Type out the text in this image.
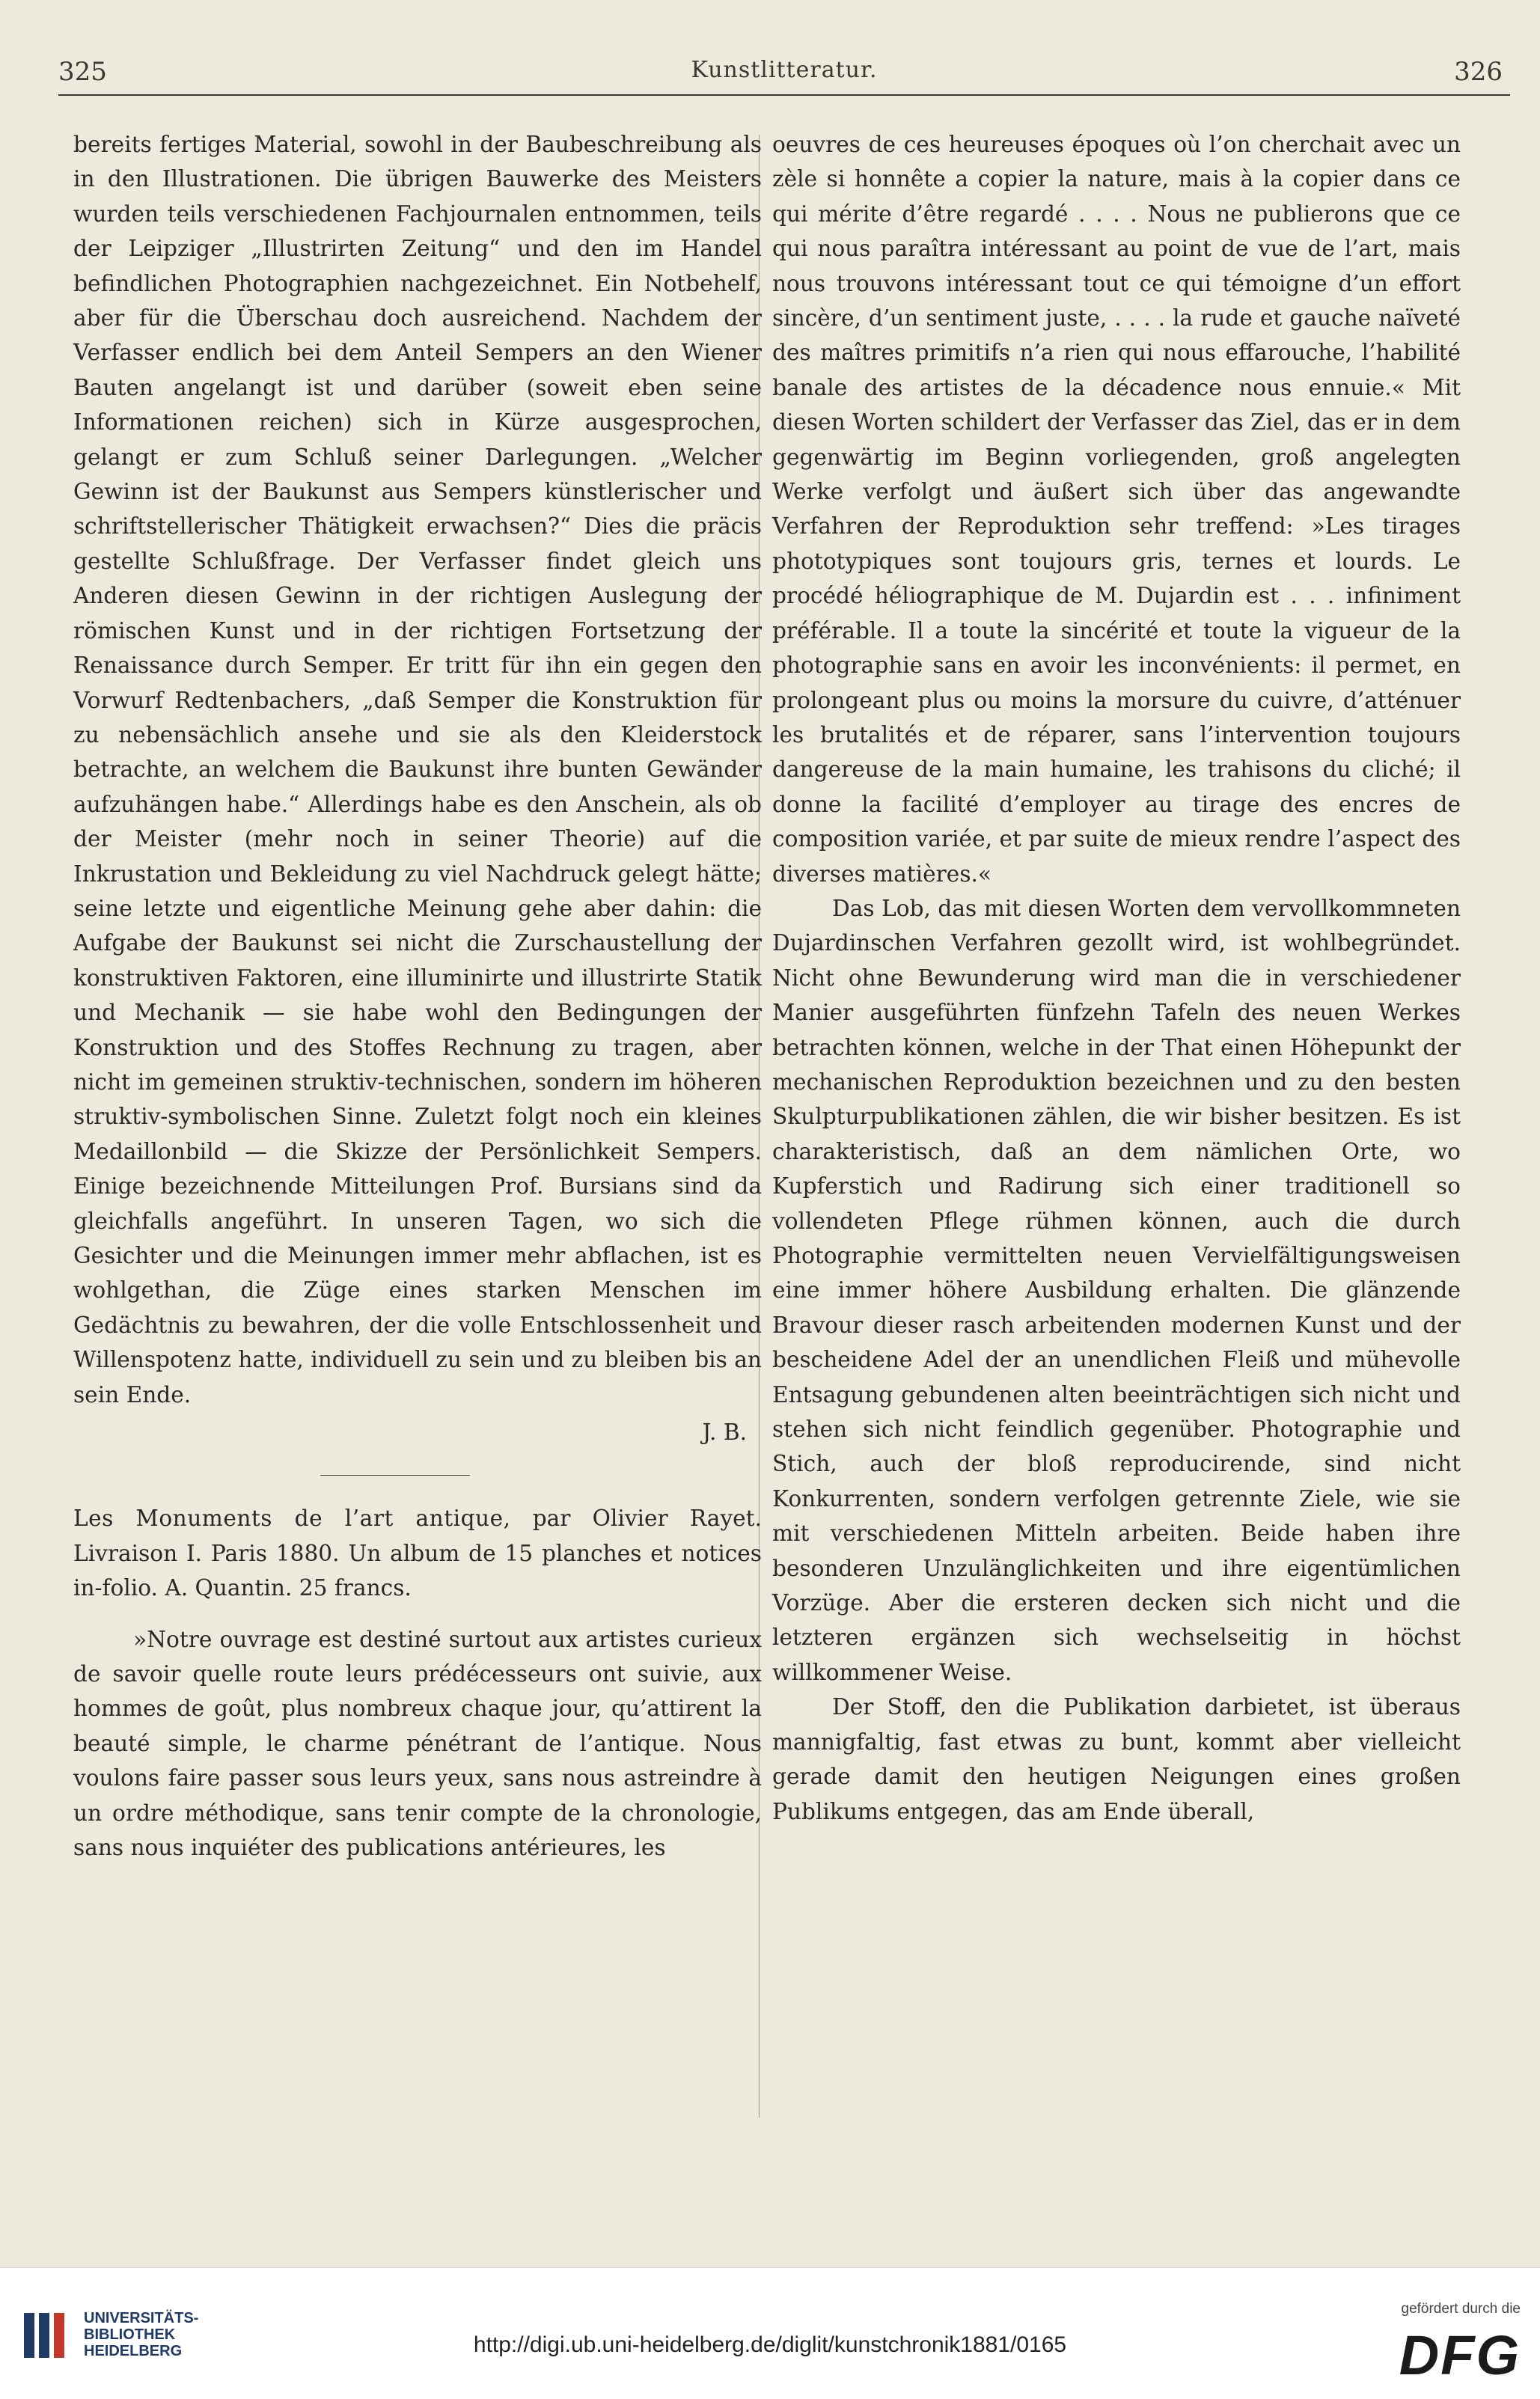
325	Kunstlitteratur.	326

bereits fertiges Material, sowohl in der Baubeschreibung als in den Illustrationen. Die übrigen Bauwerke des Meisters wurden teils verschiedenen Fachjournalen entnommen, teils der Leipziger „Illustrirten Zeitung“ und den im Handel befindlichen Photographien nachgezeichnet. Ein Notbehelf, aber für die Überschau doch ausreichend. Nachdem der Verfasser endlich bei dem Anteil Sempers an den Wiener Bauten angelangt ist und darüber (soweit eben seine Informationen reichen) sich in Kürze ausgesprochen, gelangt er zum Schluß seiner Darlegungen. „Welcher Gewinn ist der Baukunst aus Sempers künstlerischer und schriftstellerischer Thätigkeit erwachsen?“ Dies die präcis gestellte Schlußfrage. Der Verfasser findet gleich uns Anderen diesen Gewinn in der richtigen Auslegung der römischen Kunst und in der richtigen Fortsetzung der Renaissance durch Semper. Er tritt für ihn ein gegen den Vorwurf Redtenbachers, „daß Semper die Konstruktion für zu nebensächlich ansehe und sie als den Kleiderstock betrachte, an welchem die Baukunst ihre bunten Gewänder aufzuhängen habe.“ Allerdings habe es den Anschein, als ob der Meister (mehr noch in seiner Theorie) auf die Inkrustation und Bekleidung zu viel Nachdruck gelegt hätte; seine letzte und eigentliche Meinung gehe aber dahin: die Aufgabe der Baukunst sei nicht die Zurschaustellung der konstruktiven Faktoren, eine illuminirte und illustrirte Statik und Mechanik — sie habe wohl den Bedingungen der Konstruktion und des Stoffes Rechnung zu tragen, aber nicht im gemeinen struktiv-technischen, sondern im höheren struktiv-symbolischen Sinne. Zuletzt folgt noch ein kleines Medaillonbild — die Skizze der Persönlichkeit Sempers. Einige bezeichnende Mitteilungen Prof. Bursians sind da gleichfalls angeführt. In unseren Tagen, wo sich die Gesichter und die Meinungen immer mehr abflachen, ist es wohlgethan, die Züge eines starken Menschen im Gedächtnis zu bewahren, der die volle Entschlossenheit und Willenspotenz hatte, individuell zu sein und zu bleiben bis an sein Ende.

J. B.

Les Monuments de l’art antique, par Olivier Rayet. Livraison I. Paris 1880. Un album de 15 planches et notices in-folio. A. Quantin. 25 francs.

»Notre ouvrage est destiné surtout aux artistes curieux de savoir quelle route leurs prédécesseurs ont suivie, aux hommes de goût, plus nombreux chaque jour, qu’attirent la beauté simple, le charme pénétrant de l’antique. Nous voulons faire passer sous leurs yeux, sans nous astreindre à un ordre méthodique, sans tenir compte de la chronologie, sans nous inquiéter des publications antérieures, les

oeuvres de ces heureuses époques où l’on cherchait avec un zèle si honnête a copier la nature, mais à la copier dans ce qui mérite d’être regardé . . . . Nous ne publierons que ce qui nous paraîtra intéressant au point de vue de l’art, mais nous trouvons intéressant tout ce qui témoigne d’un effort sincère, d’un sentiment juste, . . . . la rude et gauche naïveté des maîtres primitifs n’a rien qui nous effarouche, l’habilité banale des artistes de la décadence nous ennuie.« Mit diesen Worten schildert der Verfasser das Ziel, das er in dem gegenwärtig im Beginn vorliegenden, groß angelegten Werke verfolgt und äußert sich über das angewandte Verfahren der Reproduktion sehr treffend: »Les tirages phototypiques sont toujours gris, ternes et lourds. Le procédé héliographique de M. Dujardin est . . . infiniment préférable. Il a toute la sincérité et toute la vigueur de la photographie sans en avoir les inconvénients: il permet, en prolongeant plus ou moins la morsure du cuivre, d’atténuer les brutalités et de réparer, sans l’intervention toujours dangereuse de la main humaine, les trahisons du cliché; il donne la facilité d’employer au tirage des encres de composition variée, et par suite de mieux rendre l’aspect des diverses matières.«

Das Lob, das mit diesen Worten dem vervollkommneten Dujardinschen Verfahren gezollt wird, ist wohlbegründet. Nicht ohne Bewunderung wird man die in verschiedener Manier ausgeführten fünfzehn Tafeln des neuen Werkes betrachten können, welche in der That einen Höhepunkt der mechanischen Reproduktion bezeichnen und zu den besten Skulpturpublikationen zählen, die wir bisher besitzen. Es ist charakteristisch, daß an dem nämlichen Orte, wo Kupferstich und Radirung sich einer traditionell so vollendeten Pflege rühmen können, auch die durch Photographie vermittelten neuen Vervielfältigungsweisen eine immer höhere Ausbildung erhalten. Die glänzende Bravour dieser rasch arbeitenden modernen Kunst und der bescheidene Adel der an unendlichen Fleiß und mühevolle Entsagung gebundenen alten beeinträchtigen sich nicht und stehen sich nicht feindlich gegenüber. Photographie und Stich, auch der bloß reproducirende, sind nicht Konkurrenten, sondern verfolgen getrennte Ziele, wie sie mit verschiedenen Mitteln arbeiten. Beide haben ihre besonderen Unzulänglichkeiten und ihre eigentümlichen Vorzüge. Aber die ersteren decken sich nicht und die letzteren ergänzen sich wechselseitig in höchst willkommener Weise.

Der Stoff, den die Publikation darbietet, ist überaus mannigfaltig, fast etwas zu bunt, kommt aber vielleicht gerade damit den heutigen Neigungen eines großen Publikums entgegen, das am Ende überall,

UNIVERSITÄTS-
BIBLIOTHEK
HEIDELBERG	http://digi.ub.uni-heidelberg.de/diglit/kunstchronik1881/0165
gefördert durch die
DFG
